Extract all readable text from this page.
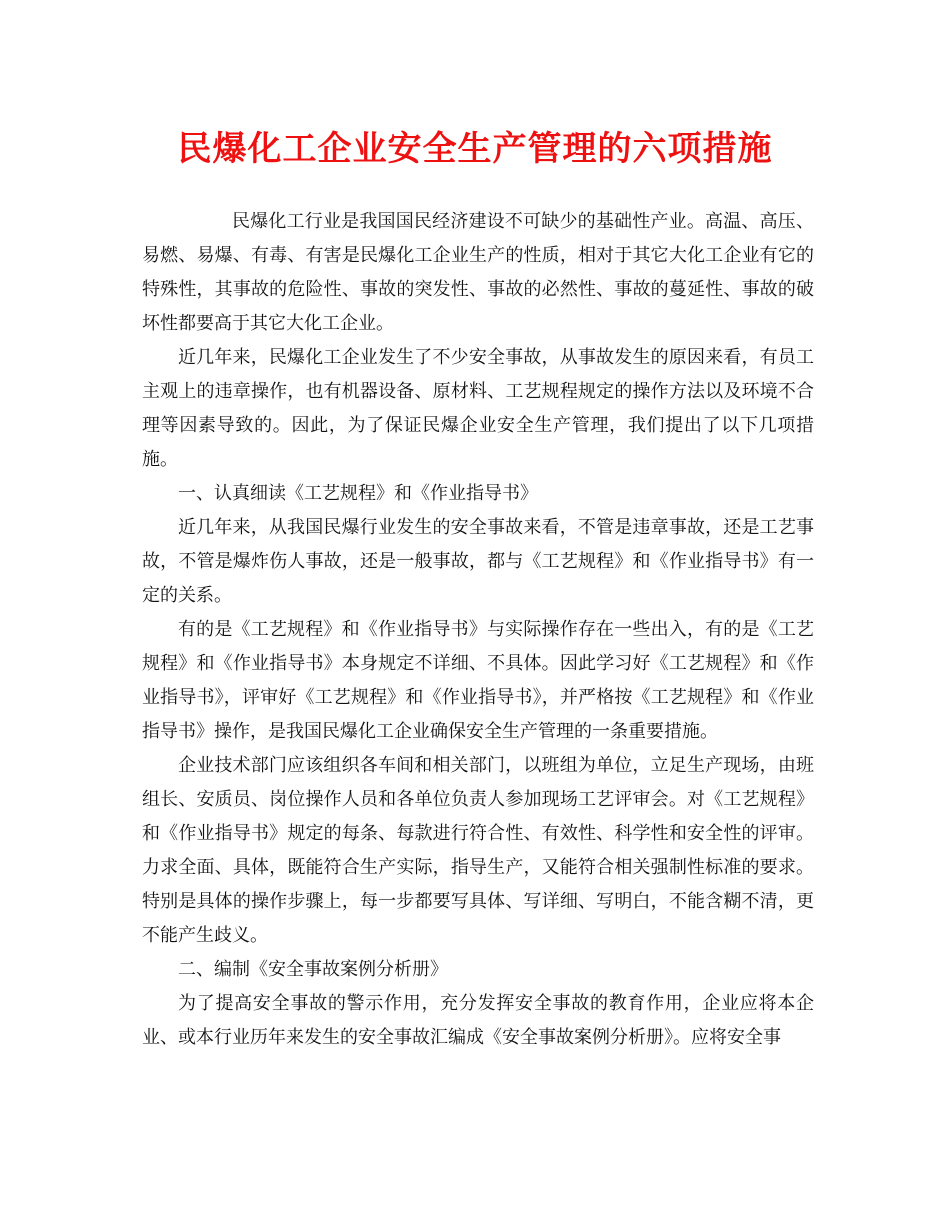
民爆化工企业安全生产管理的六项措施

民爆化工行业是我国国民经济建设不可缺少的基础性产业。高温、高压、易燃、易爆、有毒、有害是民爆化工企业生产的性质，相对于其它大化工企业有它的特殊性，其事故的危险性、事故的突发性、事故的必然性、事故的蔓延性、事故的破坏性都要高于其它大化工企业。

近几年来，民爆化工企业发生了不少安全事故，从事故发生的原因来看，有员工主观上的违章操作，也有机器设备、原材料、工艺规程规定的操作方法以及环境不合理等因素导致的。因此，为了保证民爆企业安全生产管理，我们提出了以下几项措施。

一、认真细读《工艺规程》和《作业指导书》

近几年来，从我国民爆行业发生的安全事故来看，不管是违章事故，还是工艺事故，不管是爆炸伤人事故，还是一般事故，都与《工艺规程》和《作业指导书》有一定的关系。

有的是《工艺规程》和《作业指导书》与实际操作存在一些出入，有的是《工艺规程》和《作业指导书》本身规定不详细、不具体。因此学习好《工艺规程》和《作业指导书》，评审好《工艺规程》和《作业指导书》，并严格按《工艺规程》和《作业指导书》操作，是我国民爆化工企业确保安全生产管理的一条重要措施。

企业技术部门应该组织各车间和相关部门，以班组为单位，立足生产现场，由班组长、安质员、岗位操作人员和各单位负责人参加现场工艺评审会。对《工艺规程》和《作业指导书》规定的每条、每款进行符合性、有效性、科学性和安全性的评审。力求全面、具体，既能符合生产实际，指导生产，又能符合相关强制性标准的要求。特别是具体的操作步骤上，每一步都要写具体、写详细、写明白，不能含糊不清，更不能产生歧义。

二、编制《安全事故案例分析册》

为了提高安全事故的警示作用，充分发挥安全事故的教育作用，企业应将本企业、或本行业历年来发生的安全事故汇编成《安全事故案例分析册》。应将安全事
